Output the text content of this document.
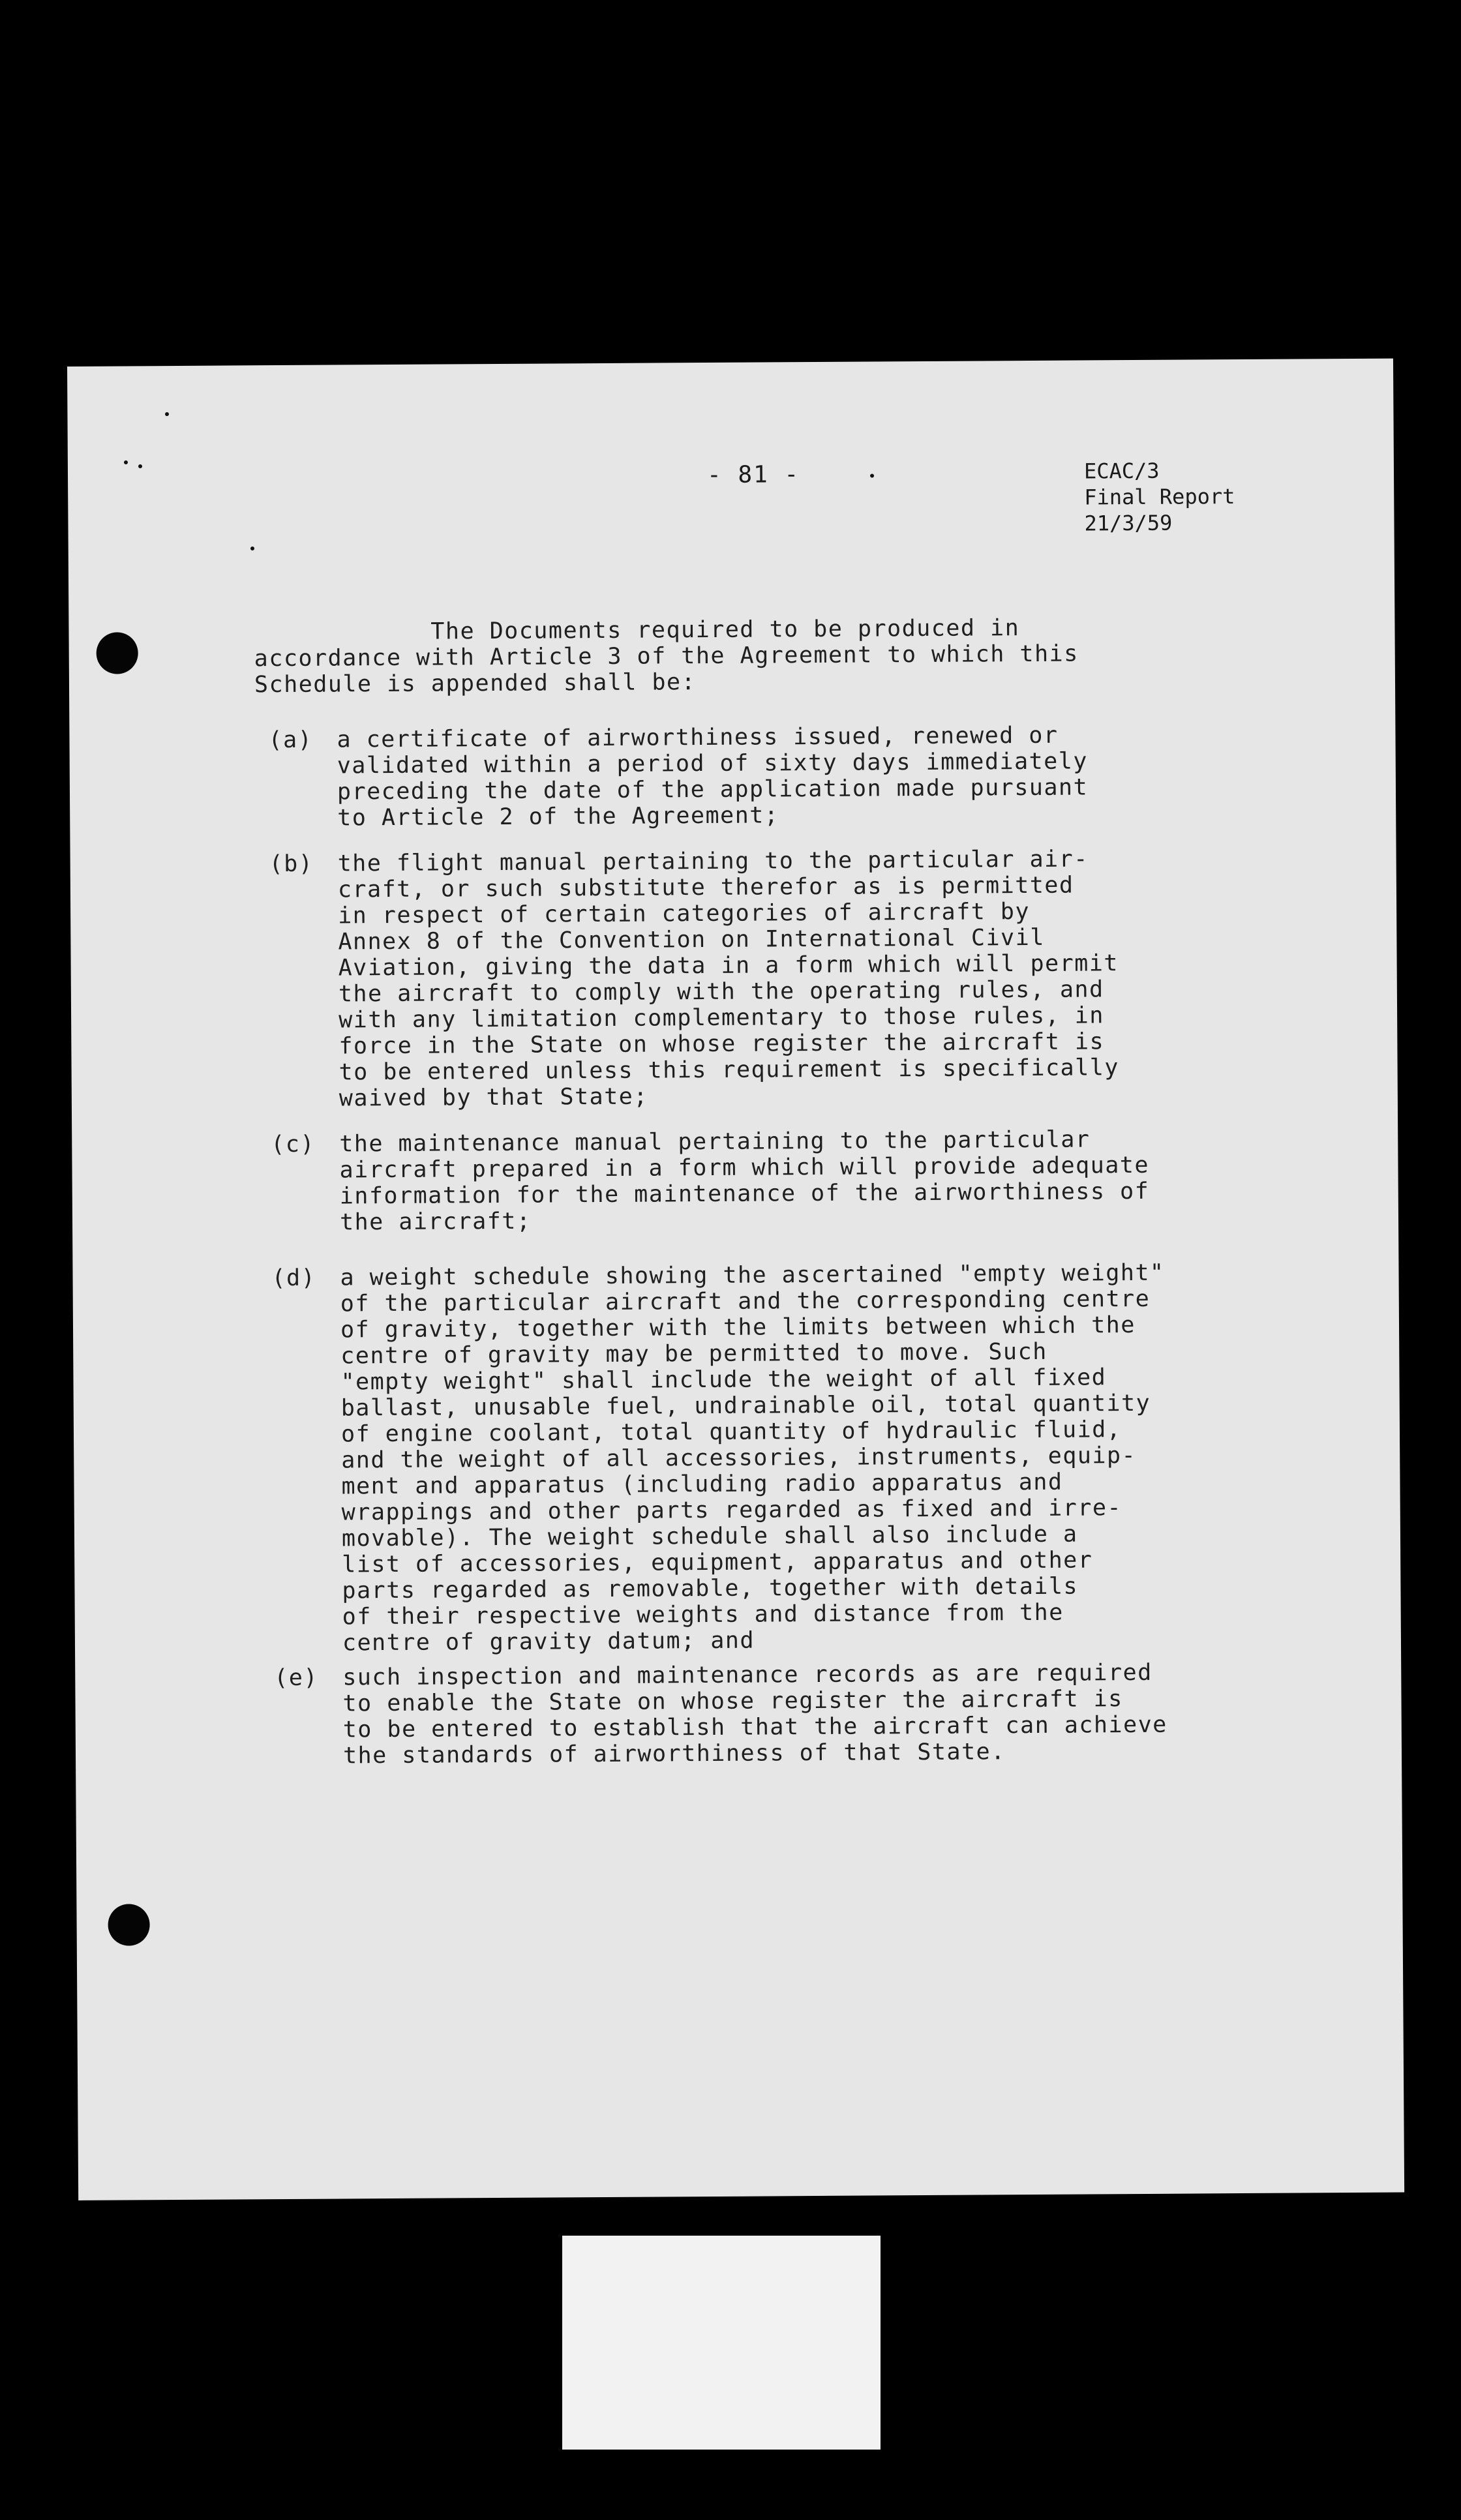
- 81 -	ECAC/3
Final Report
21/3/59
The Documents required to be produced in
accordance with Article 3 of the Agreement to which this
Schedule is appended shall be:
(a) a certificate of airworthiness issued, renewed or
validated within a period of sixty days immediately
preceding the date of the application made pursuant
to Article 2 of the Agreement;
(b) the flight manual pertaining to the particular air-
craft, or such substitute therefor as is permitted
in respect of certain categories of aircraft by
Annex 8 of the Convention on International Civil
Aviation, giving the data in a form which will permit
the aircraft to comply with the operating rules, and
with any limitation complementary to those rules, in
force in the State on whose register the aircraft is
to be entered unless this requirement is specifically
waived by that State;
(c) the maintenance manual pertaining to the particular
aircraft prepared in a form which will provide adequate
information for the maintenance of the airworthiness of
the aircraft;
(d) a weight schedule showing the ascertained "empty weight"
of the particular aircraft and the corresponding centre
of gravity, together with the limits between which the
centre of gravity may be permitted to move. Such
"empty weight" shall include the weight of all fixed
ballast, unusable fuel, undrainable oil, total quantity
of engine coolant, total quantity of hydraulic fluid,
and the weight of all accessories, instruments, equip-
ment and apparatus (including radio apparatus and
wrappings and other parts regarded as fixed and irre-
movable). The weight schedule shall also include a
list of accessories, equipment, apparatus and other
parts regarded as removable, together with details
of their respective weights and distance from the
centre of gravity datum; and
(e) such inspection and maintenance records as are required
to enable the State on whose register the aircraft is
to be entered to establish that the aircraft can achieve
the standards of airworthiness of that State.
